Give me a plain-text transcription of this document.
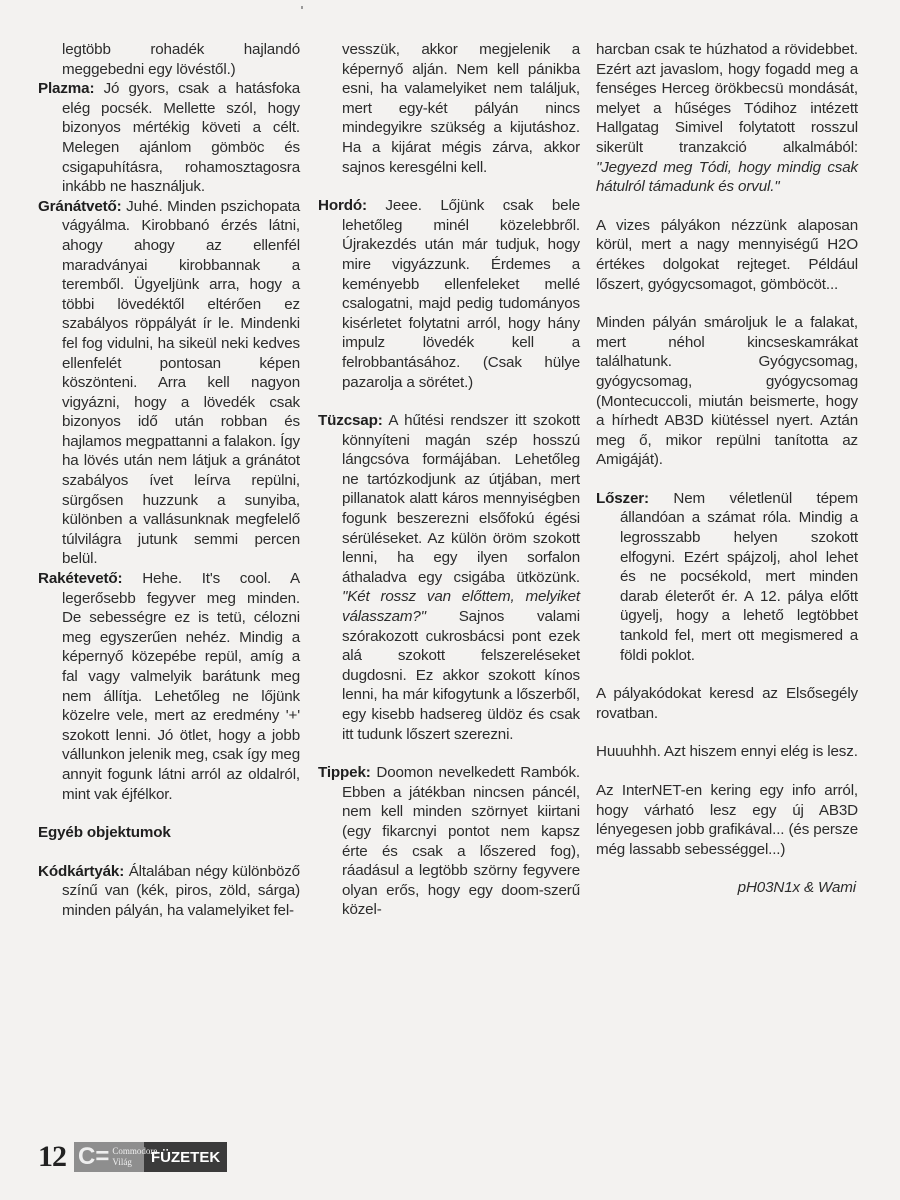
legtöbb rohadék hajlandó meggebedni egy lövéstől.)

Plazma: Jó gyors, csak a hatásfoka elég pocsék. Mellette szól, hogy bizonyos mértékig követi a célt. Melegen ajánlom gömböc és csigapuhításra, rohamosztagosra inkább ne használjuk.

Gránátvető: Juhé. Minden pszichopata vágyálma. Kirobbanó érzés látni, ahogy ahogy az ellenfél maradványai kirobbannak a teremből. Ügyeljünk arra, hogy a többi lövedéktől eltérően ez szabályos röppályát ír le. Mindenki fel fog vidulni, ha sikeül neki kedves ellenfelét pontosan képen köszönteni. Arra kell nagyon vigyázni, hogy a lövedék csak bizonyos idő után robban és hajlamos megpattanni a falakon. Így ha lövés után nem látjuk a gránátot szabályos ívet leírva repülni, sürgősen huzzunk a sunyiba, különben a vallásunknak megfelelő túlvilágra jutunk semmi percen belül.

Rakétevető: Hehe. It's cool. A legerősebb fegyver meg minden. De sebességre ez is tetü, célozni meg egyszerűen nehéz. Mindig a képernyő közepébe repül, amíg a fal vagy valmelyik barátunk meg nem állítja. Lehetőleg ne lőjünk közelre vele, mert az eredmény '+' szokott lenni. Jó ötlet, hogy a jobb vállunkon jelenik meg, csak így meg annyit fogunk látni arról az oldalról, mint vak éjfélkor.

Egyéb objektumok

Kódkártyák: Általában négy különböző színű van (kék, piros, zöld, sárga) minden pályán, ha valamelyiket fel-

vesszük, akkor megjelenik a képernyő alján. Nem kell pánikba esni, ha valamelyiket nem találjuk, mert egy-két pályán nincs mindegyikre szükség a kijutáshoz. Ha a kijárat mégis zárva, akkor sajnos keresgélni kell.

Hordó: Jeee. Lőjünk csak bele lehetőleg minél közelebbről. Újrakezdés után már tudjuk, hogy mire vigyázzunk. Érdemes a keményebb ellenfeleket mellé csalogatni, majd pedig tudományos kisérletet folytatni arról, hogy hány impulz lövedék kell a felrobbantásához. (Csak hülye pazarolja a sörétet.)

Tüzcsap: A hűtési rendszer itt szokott könnyíteni magán szép hosszú lángcsóva formájában. Lehetőleg ne tartózkodjunk az útjában, mert pillanatok alatt káros mennyiségben fogunk beszerezni elsőfokú égési sérüléseket. Az külön öröm szokott lenni, ha egy ilyen sorfalon áthaladva egy csigába ütközünk. "Két rossz van előttem, melyiket válasszam?" Sajnos valami szórakozott cukrosbácsi pont ezek alá szokott felszereléseket dugdosni. Ez akkor szokott kínos lenni, ha már kifogytunk a lőszerből, egy kisebb hadsereg üldöz és csak itt tudunk lőszert szerezni.

Tippek: Doomon nevelkedett Rambók. Ebben a játékban nincsen páncél, nem kell minden szörnyet kiirtani (egy fikarcnyi pontot nem kapsz érte és csak a lőszered fog), ráadásul a legtöbb szörny fegyvere olyan erős, hogy egy doom-szerű közel-

harcban csak te húzhatod a rövidebbet. Ezért azt javaslom, hogy fogadd meg a fenséges Herceg örökbecsü mondását, melyet a hűséges Tódihoz intézett Hallgatag Simivel folytatott rosszul sikerült tranzakció alkalmából: "Jegyezd meg Tódi, hogy mindig csak hátulról támadunk és orvul."

A vizes pályákon nézzünk alaposan körül, mert a nagy mennyiségű H2O értékes dolgokat rejteget. Például lőszert, gyógycsomagot, gömböcöt...

Minden pályán smároljuk le a falakat, mert néhol kincseskamrákat találhatunk. Gyógycsomag, gyógycsomag, gyógycsomag (Montecuccoli, miután beismerte, hogy a hírhedt AB3D kiütéssel nyert. Aztán meg ő, mikor repülni tanította az Amigáját).

Lőszer: Nem véletlenül tépem állandóan a számat róla. Mindig a legrosszabb helyen szokott elfogyni. Ezért spájzolj, ahol lehet és ne pocsékold, mert minden darab életerőt ér. A 12. pálya előtt ügyelj, hogy a lehető legtöbbet tankold fel, mert ott megismered a földi poklot.

A pályakódokat keresd az Elsősegély rovatban.

Huuuhhh. Azt hiszem ennyi elég is lesz.

Az InterNET-en kering egy info arról, hogy várható lesz egy új AB3D lényegesen jobb grafikával... (és persze még lassabb sebességgel...)

pH03N1x & Wami

12 C= Commodore
Világ	FÜZETEK
